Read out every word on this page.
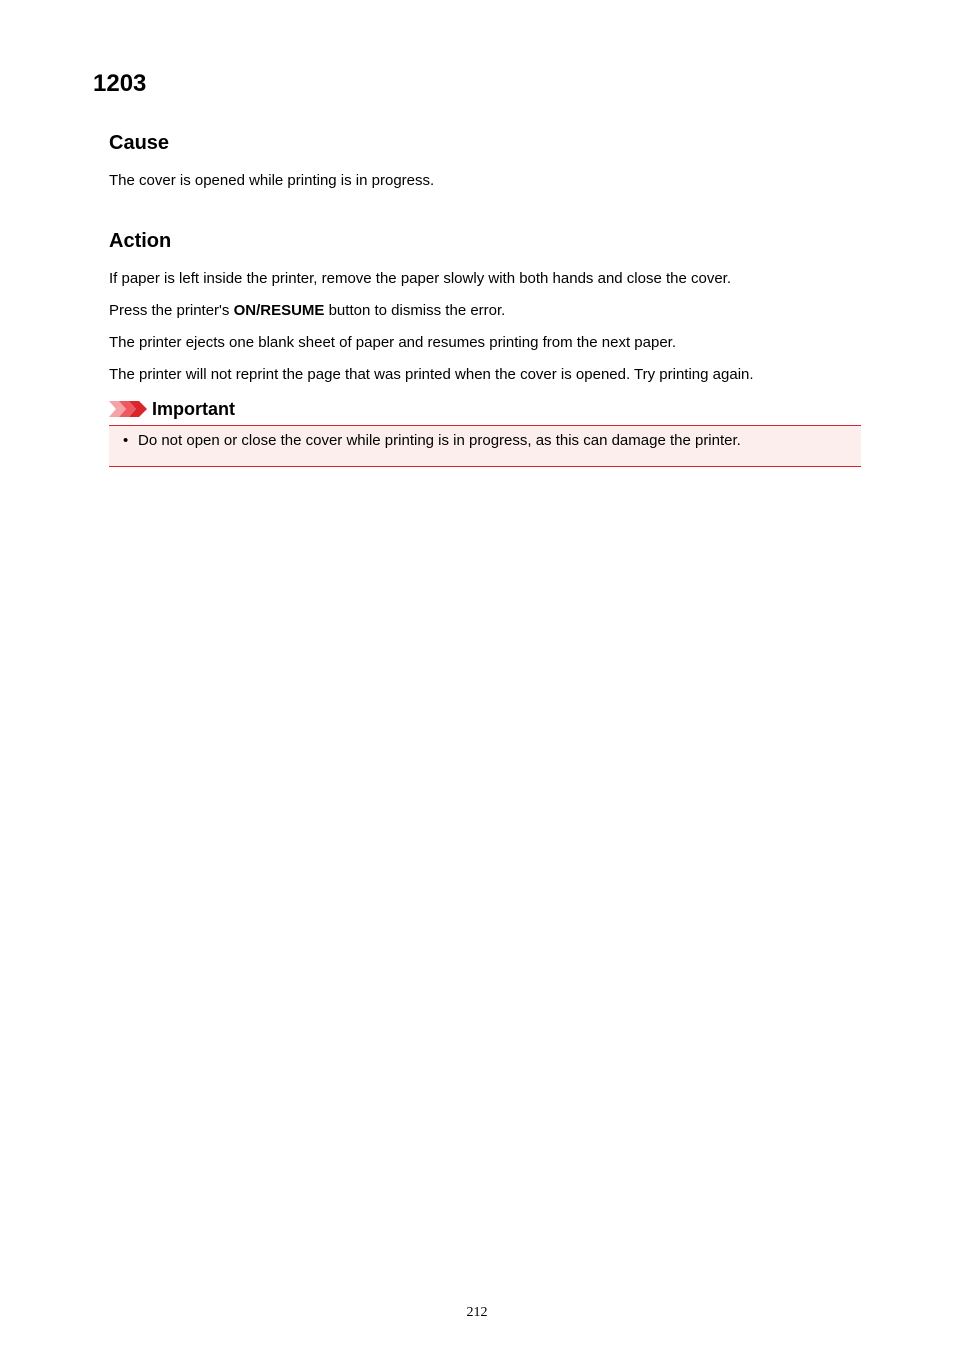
1203
Cause

The cover is opened while printing is in progress.

Action

If paper is left inside the printer, remove the paper slowly with both hands and close the cover.

Press the printer's ON/RESUME button to dismiss the error.

The printer ejects one blank sheet of paper and resumes printing from the next paper.

The printer will not reprint the page that was printed when the cover is opened. Try printing again.

Important
• Do not open or close the cover while printing is in progress, as this can damage the printer.
212
